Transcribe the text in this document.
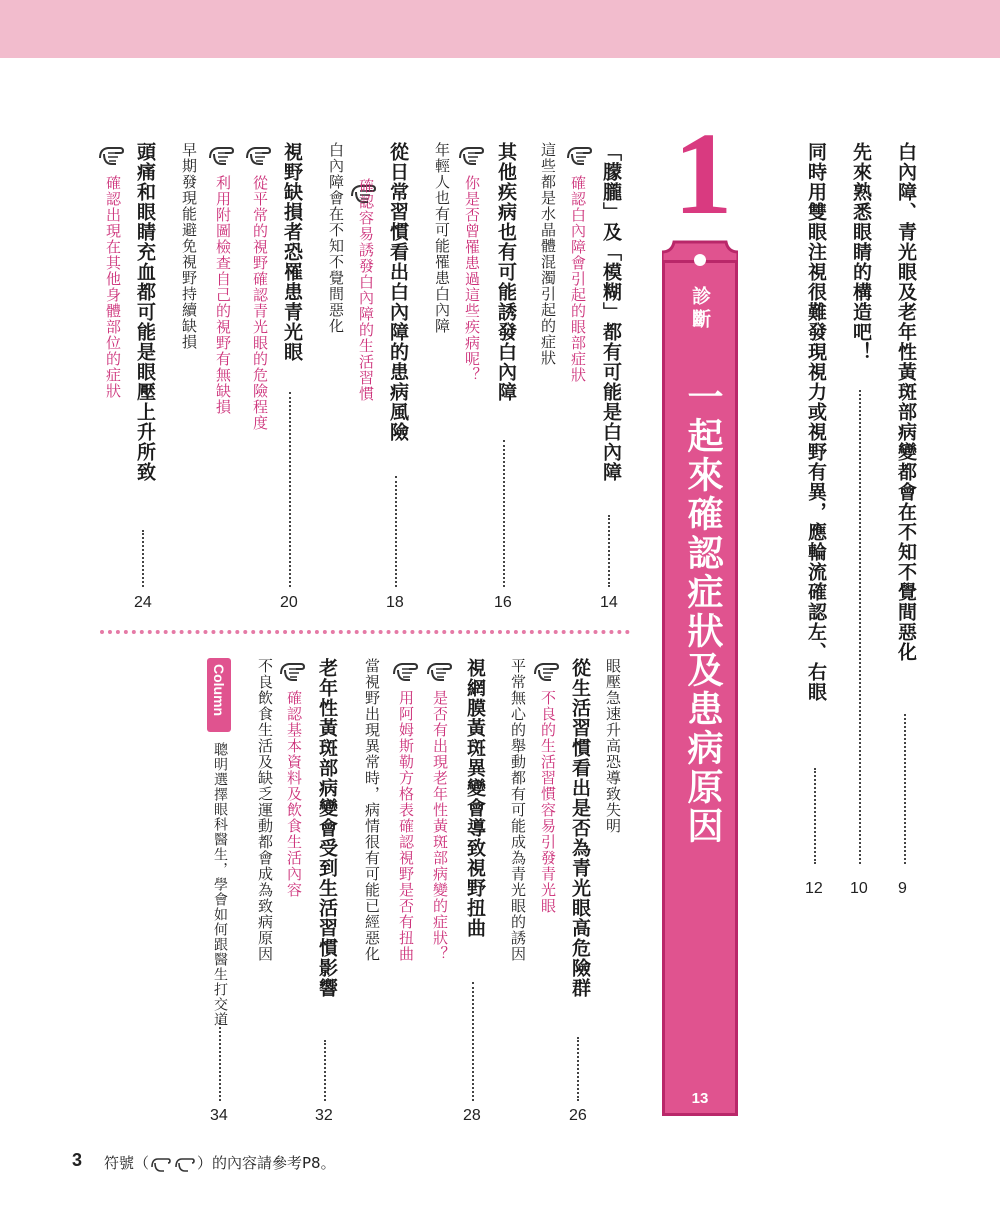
白內障、青光眼及老年性黃斑部病變都會在不知不覺間惡化
9
先來熟悉眼睛的構造吧！
10
同時用雙眼注視很難發現視力或視野有異，應輪流確認左、右眼
12
1
診斷
一起來確認症狀及患病原因
13
「朦朧」及「模糊」都有可能是白內障
14
確認白內障會引起的眼部症狀
這些都是水晶體混濁引起的症狀
其他疾病也有可能誘發白內障
16
你是否曾罹患過這些疾病呢？
年輕人也有可能罹患白內障
從日常習慣看出白內障的患病風險
18
確認容易誘發白內障的生活習慣
白內障會在不知不覺間惡化
視野缺損者恐罹患青光眼
20
從平常的視野確認青光眼的危險程度
利用附圖檢查自己的視野有無缺損
早期發現能避免視野持續缺損
頭痛和眼睛充血都可能是眼壓上升所致
24
確認出現在其他身體部位的症狀
眼壓急速升高恐導致失明
從生活習慣看出是否為青光眼高危險群
26
不良的生活習慣容易引發青光眼
平常無心的舉動都有可能成為青光眼的誘因
視網膜黃斑異變會導致視野扭曲
28
是否有出現老年性黃斑部病變的症狀？
用阿姆斯勒方格表確認視野是否有扭曲
當視野出現異常時，病情很有可能已經惡化
老年性黃斑部病變會受到生活習慣影響
32
確認基本資料及飲食生活內容
不良飲食生活及缺乏運動都會成為致病原因
Column
聰明選擇眼科醫生，學會如何跟醫生打交道
34
3 符號（	）的內容請參考P8。
